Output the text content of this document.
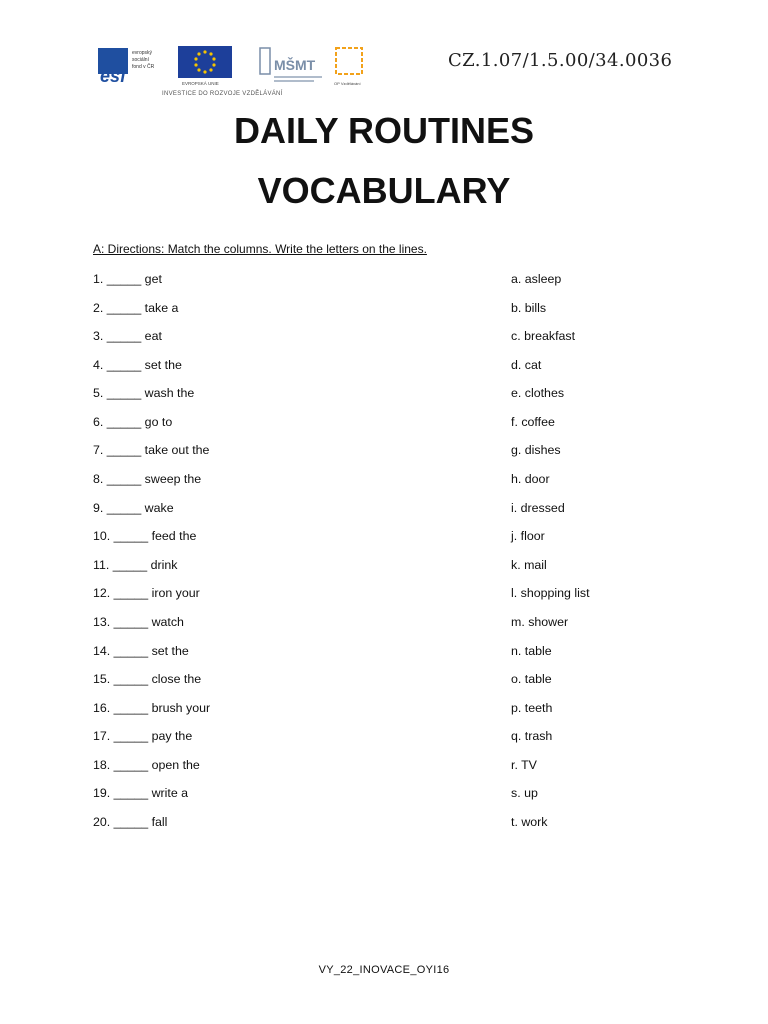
esf
evropský
sociální
fond v ČR
EVROPSKÁ UNIE
MŠMT
OP Vzdělávání
INVESTICE DO ROZVOJE VZDĚLÁVÁNÍ
CZ.1.07/1.5.00/34.0036
DAILY ROUTINES
VOCABULARY
A: Directions: Match the columns. Write the letters on the lines.
1. _____ get	a. asleep
2. _____ take a	b. bills
3. _____ eat	c. breakfast
4. _____ set the	d. cat
5. _____ wash the	e. clothes
6. _____ go to	f. coffee
7. _____ take out the	g. dishes
8. _____ sweep the	h. door
9. _____ wake	i. dressed
10. _____ feed the	j. floor
11. _____ drink	k. mail
12. _____ iron your	l. shopping list
13. _____ watch	m. shower
14. _____ set the	n. table
15. _____ close the	o. table
16. _____ brush your	p. teeth
17. _____ pay the	q. trash
18. _____ open the	r. TV
19. _____ write a	s. up
20. _____ fall	t. work
VY_22_INOVACE_OYI16
